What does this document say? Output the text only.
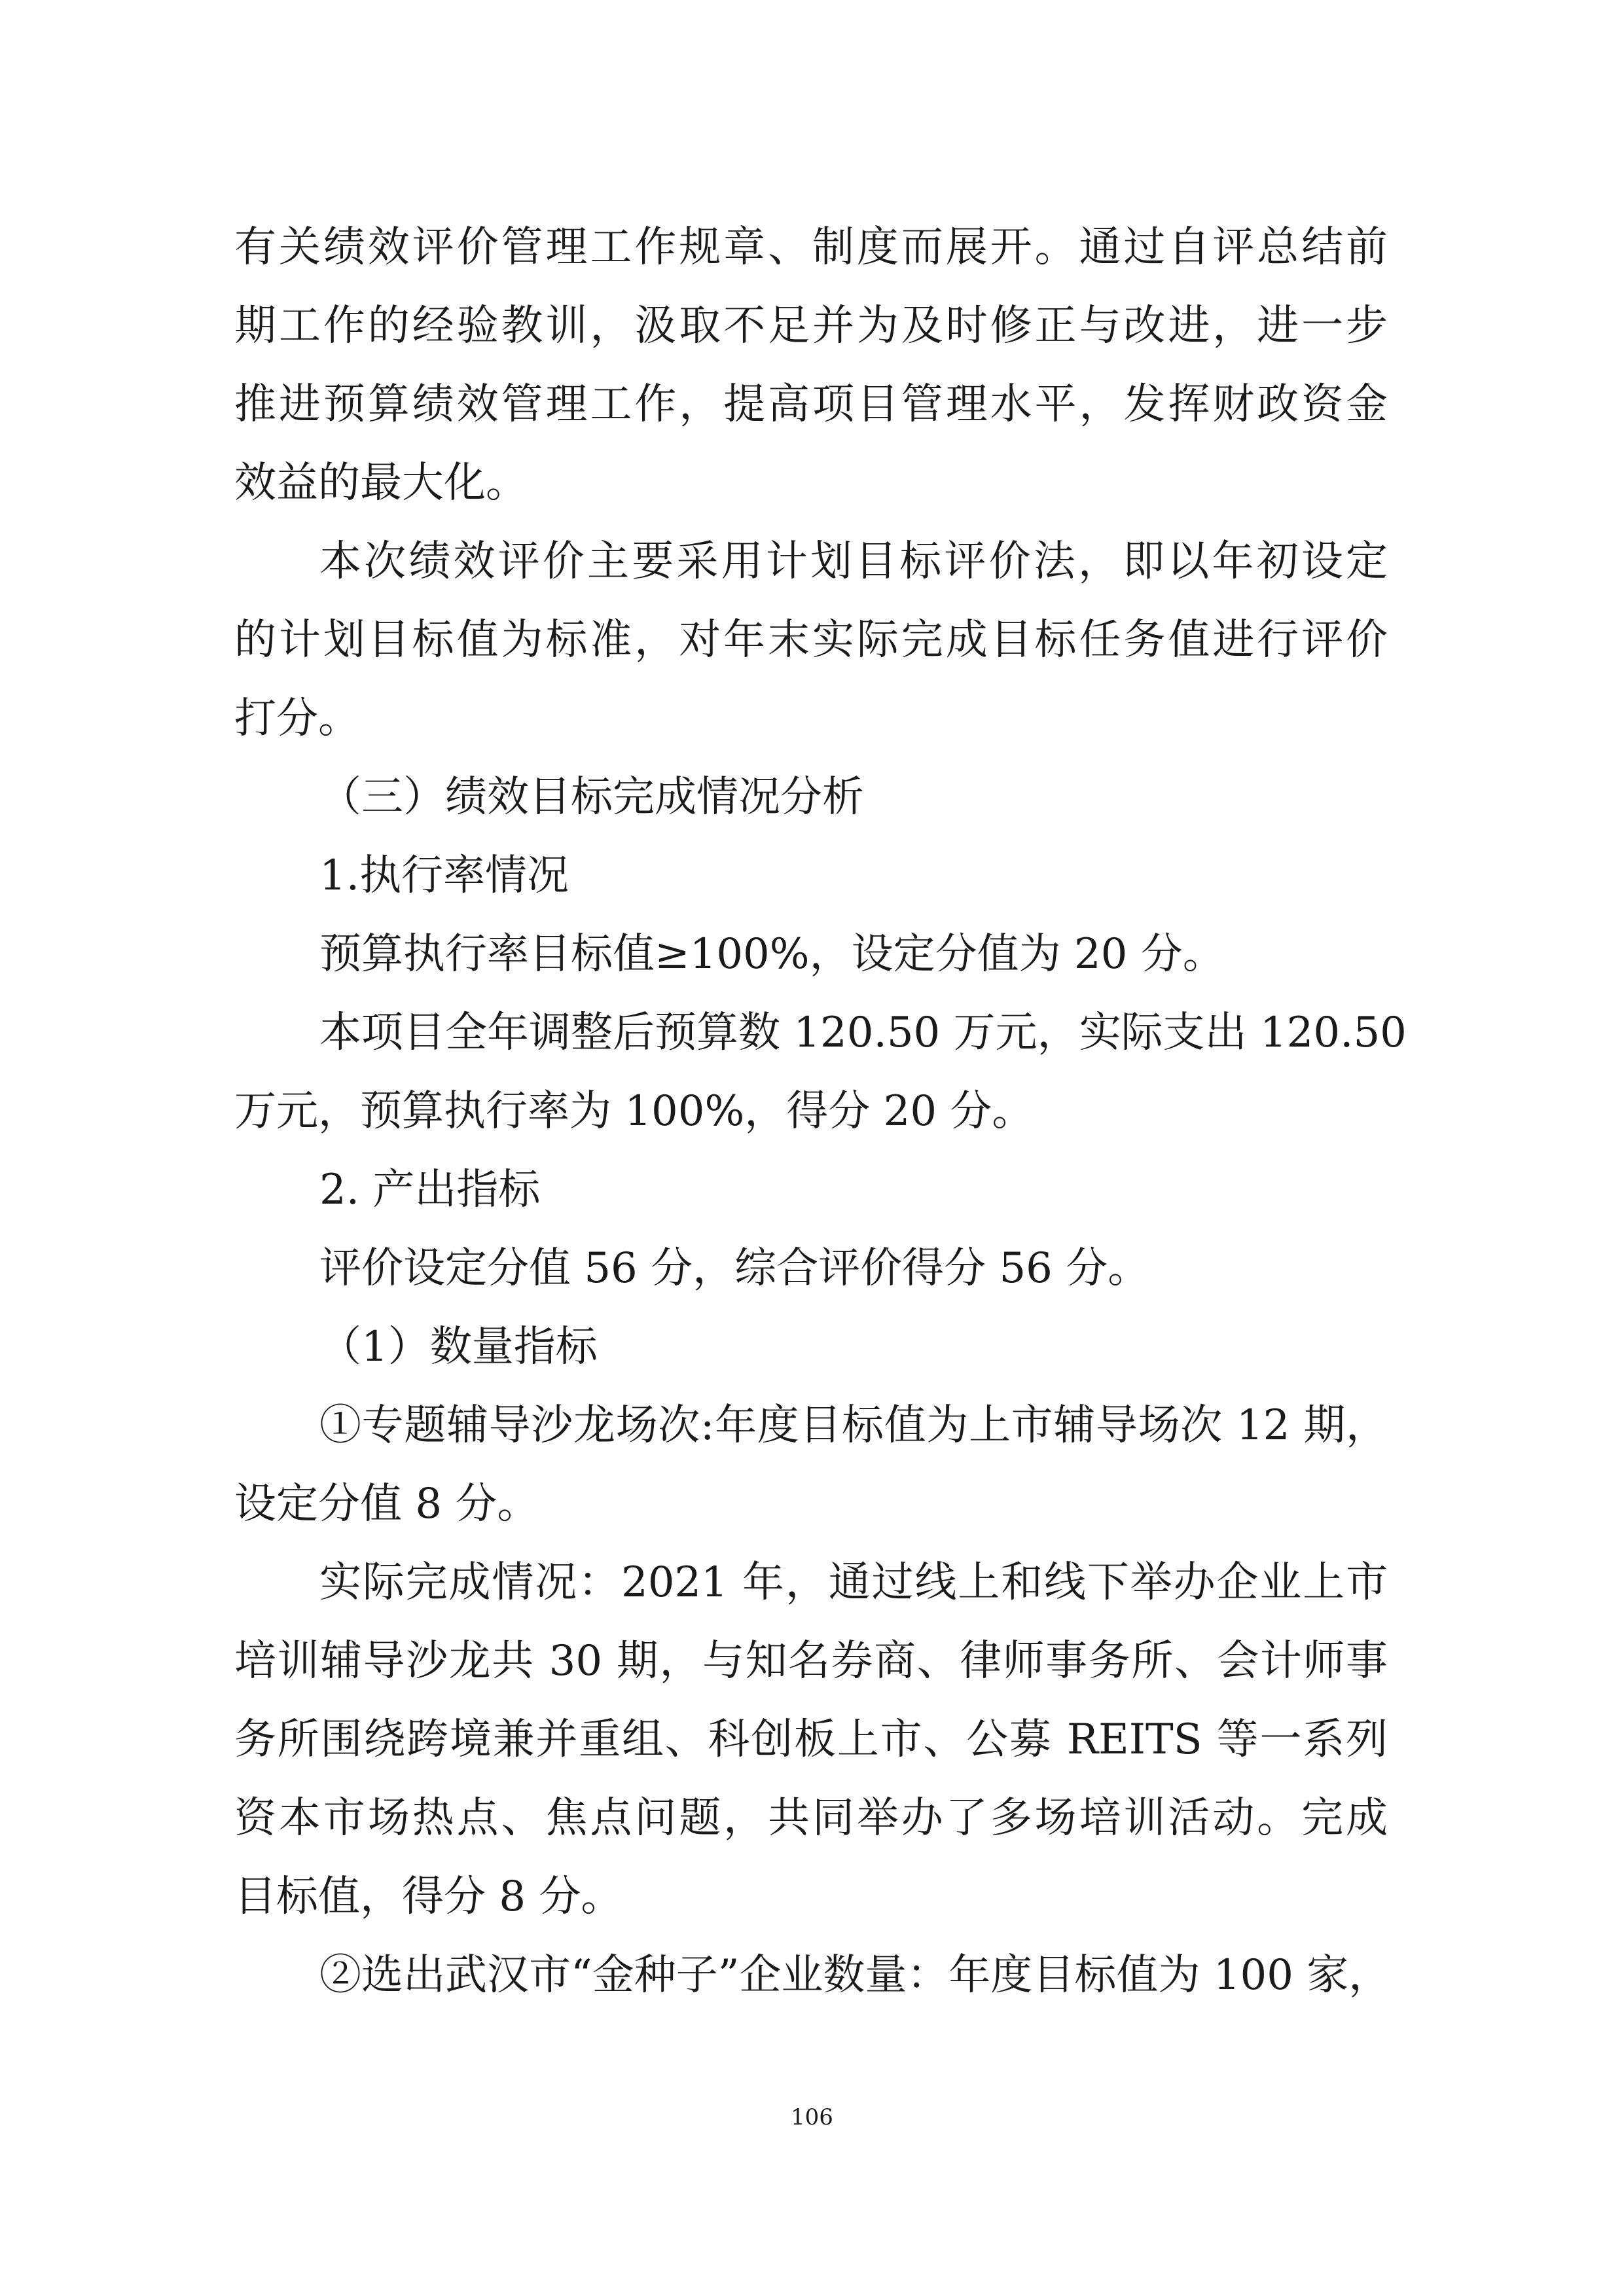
有关绩效评价管理工作规章、制度而展开。通过自评总结前
期工作的经验教训，汲取不足并为及时修正与改进，进一步
推进预算绩效管理工作，提高项目管理水平，发挥财政资金
效益的最大化。
本次绩效评价主要采用计划目标评价法，即以年初设定
的计划目标值为标准，对年末实际完成目标任务值进行评价
打分。
（三）绩效目标完成情况分析
1.执行率情况
预算执行率目标值≥100%，设定分值为 20 分。
本项目全年调整后预算数 120.50 万元，实际支出 120.50
万元，预算执行率为 100%，得分 20 分。
2. 产出指标
评价设定分值 56 分，综合评价得分 56 分。
（1）数量指标
①专题辅导沙龙场次:年度目标值为上市辅导场次 12 期，
设定分值 8 分。
实际完成情况：2021 年，通过线上和线下举办企业上市
培训辅导沙龙共 30 期，与知名券商、律师事务所、会计师事
务所围绕跨境兼并重组、科创板上市、公募 REITS 等一系列
资本市场热点、焦点问题，共同举办了多场培训活动。完成
目标值，得分 8 分。
②选出武汉市“金种子”企业数量：年度目标值为 100 家，
106
